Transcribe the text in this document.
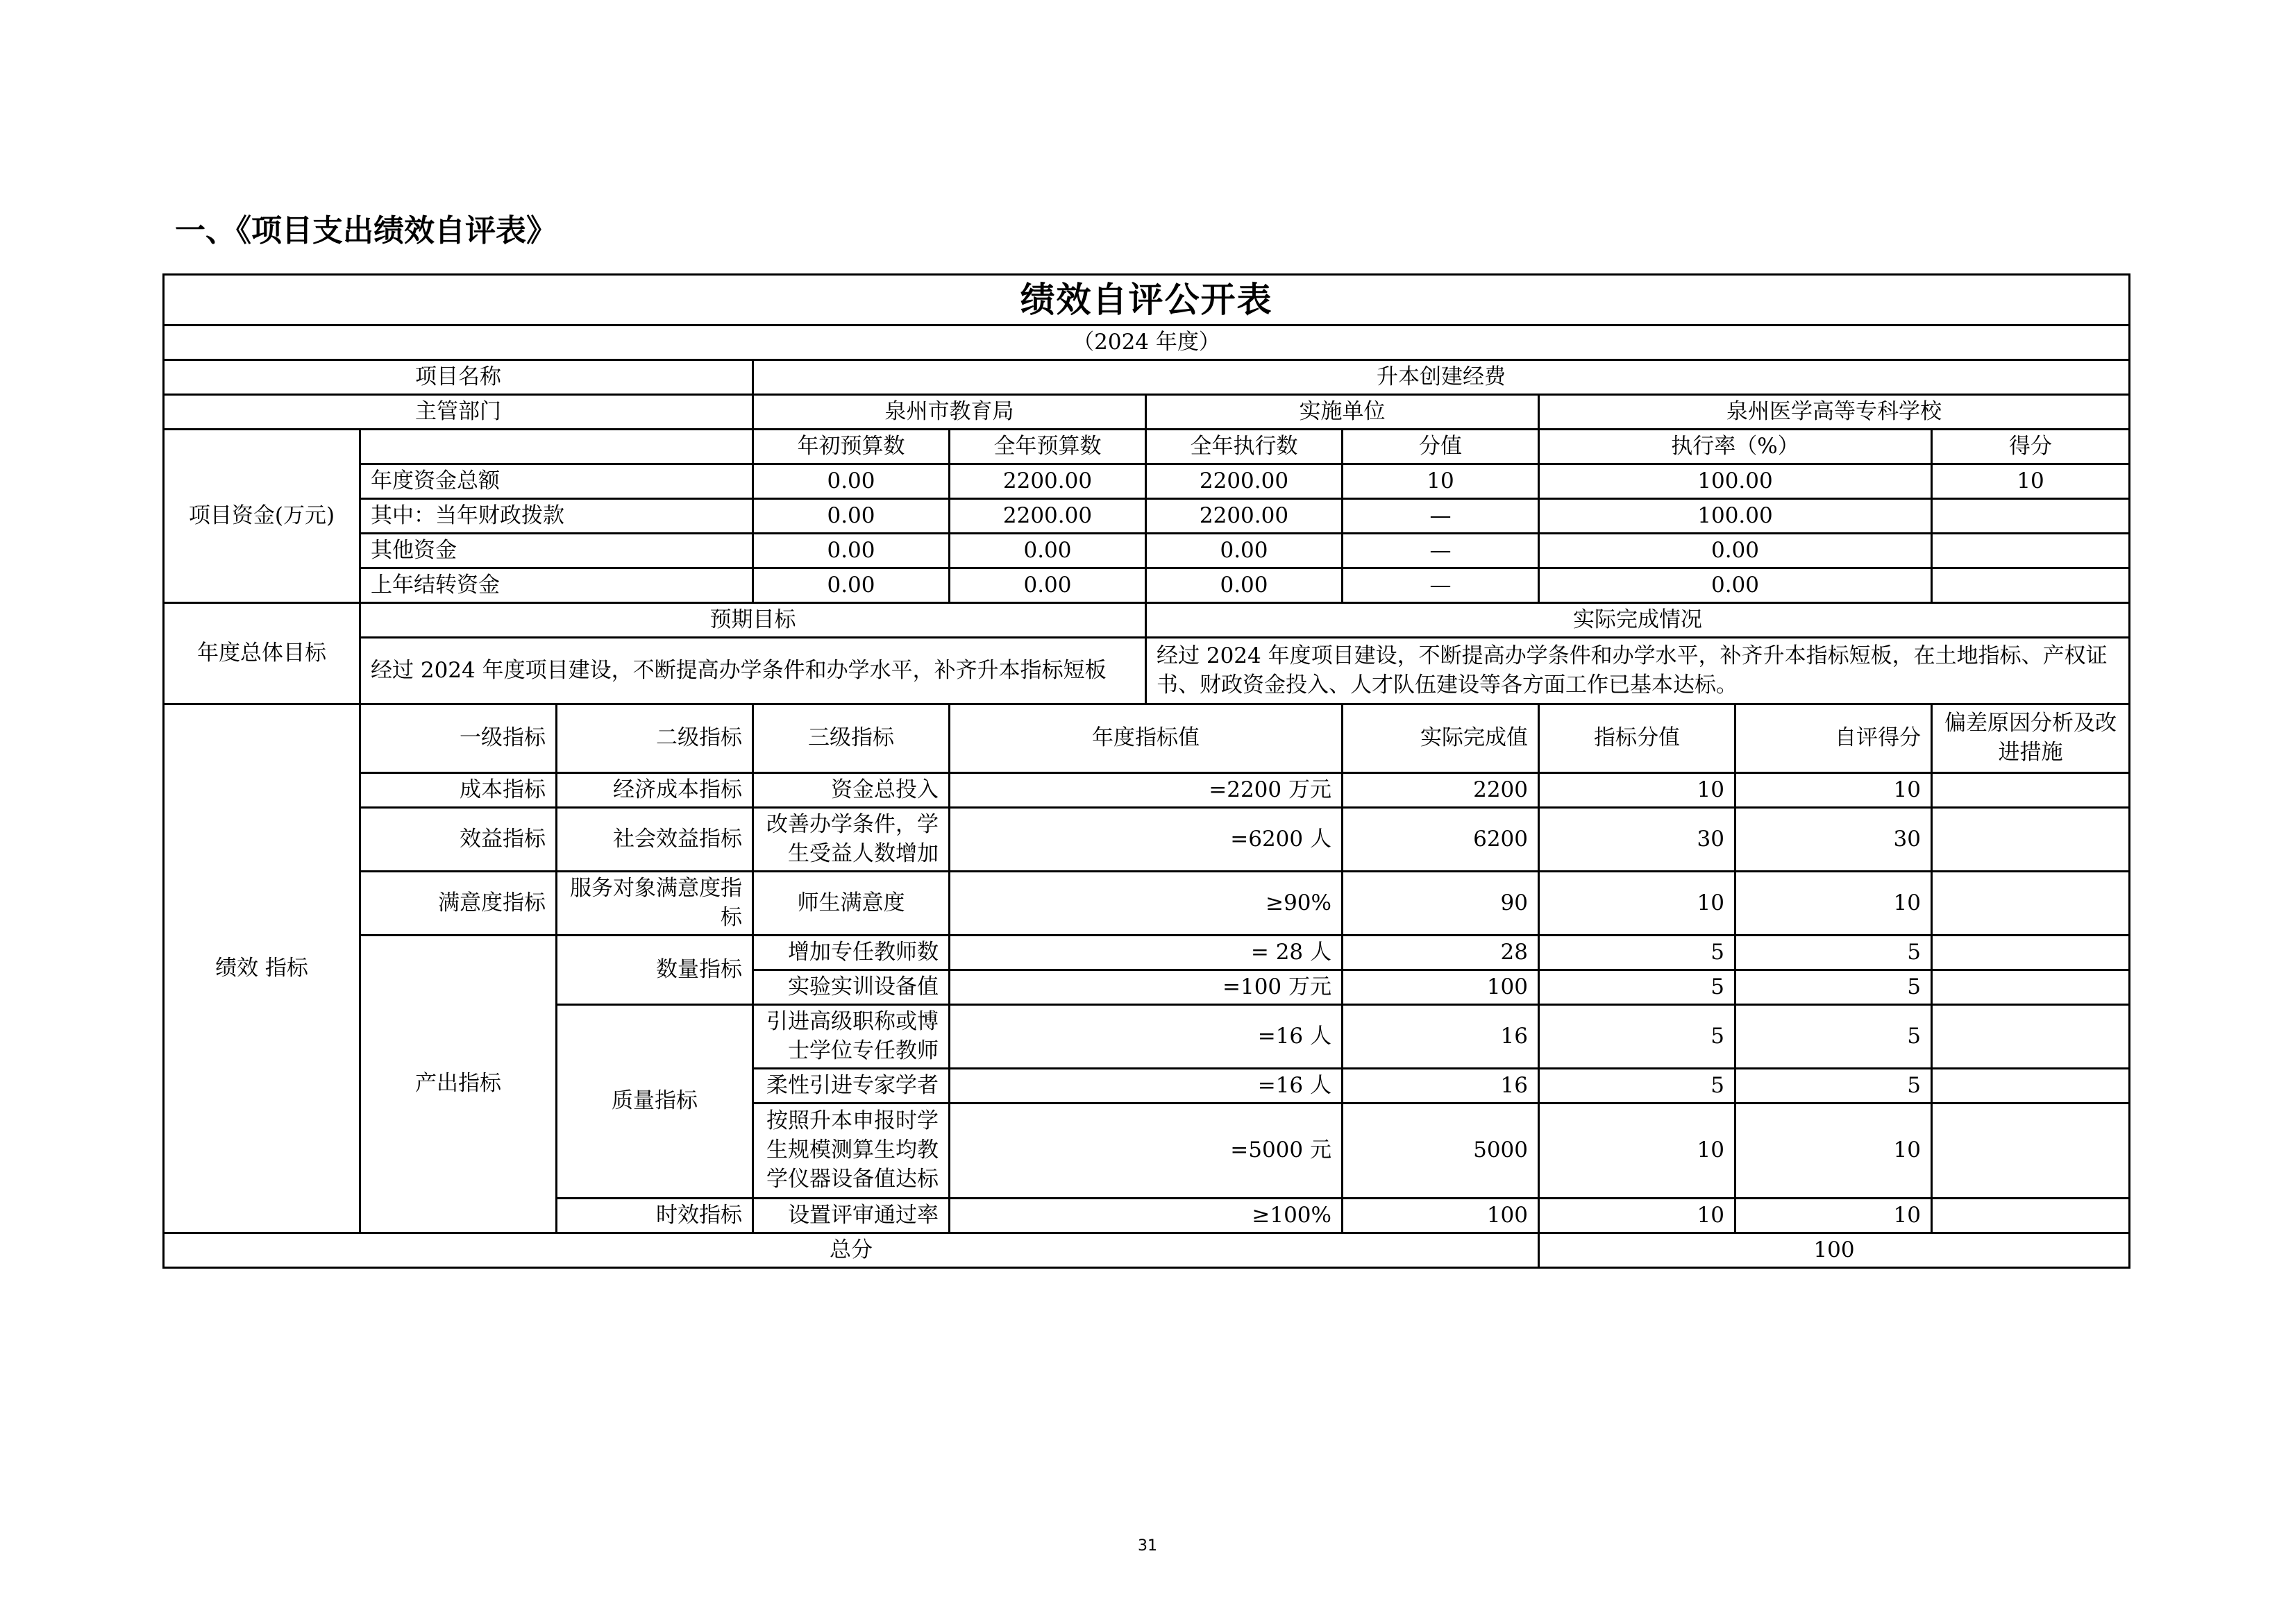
一、《项目支出绩效自评表》
绩效自评公开表									
（2024 年度）									
项目名称			升本创建经费						
主管部门			泉州市教育局		实施单位		泉州医学高等专科学校		
项目资金(万元)			年初预算数	全年预算数	全年执行数	分值	执行率（%）		得分
	年度资金总额		0.00	2200.00	2200.00	10	100.00		10
	其中：当年财政拨款		0.00	2200.00	2200.00	—	100.00		
	其他资金		0.00	0.00	0.00	—	0.00		
	上年结转资金		0.00	0.00	0.00	—	0.00		
年度总体目标	预期目标				实际完成情况				
	经过 2024 年度项目建设，不断提高办学条件和办学水平，补齐升本指标短板				经过 2024 年度项目建设，不断提高办学条件和办学水平，补齐升本指标短板，在土地指标、产权证书、财政资金投入、人才队伍建设等各方面工作已基本达标。				
绩效 指标	一级指标	二级指标	三级指标	年度指标值		实际完成值	指标分值	自评得分	偏差原因分析及改进措施
	成本指标	经济成本指标	资金总投入	=2200 万元		2200	10	10	
	效益指标	社会效益指标	改善办学条件，学生受益人数增加	=6200 人		6200	30	30	
	满意度指标	服务对象满意度指标	师生满意度	≥90%		90	10	10	
	产出指标	数量指标	增加专任教师数	= 28 人		28	5	5	
			实验实训设备值	=100 万元		100	5	5	
		质量指标	引进高级职称或博士学位专任教师	=16 人		16	5	5	
			柔性引进专家学者	=16 人		16	5	5	
			按照升本申报时学生规模测算生均教学仪器设备值达标	=5000 元		5000	10	10	
		时效指标	设置评审通过率	≥100%		100	10	10	
总分							100		
31
